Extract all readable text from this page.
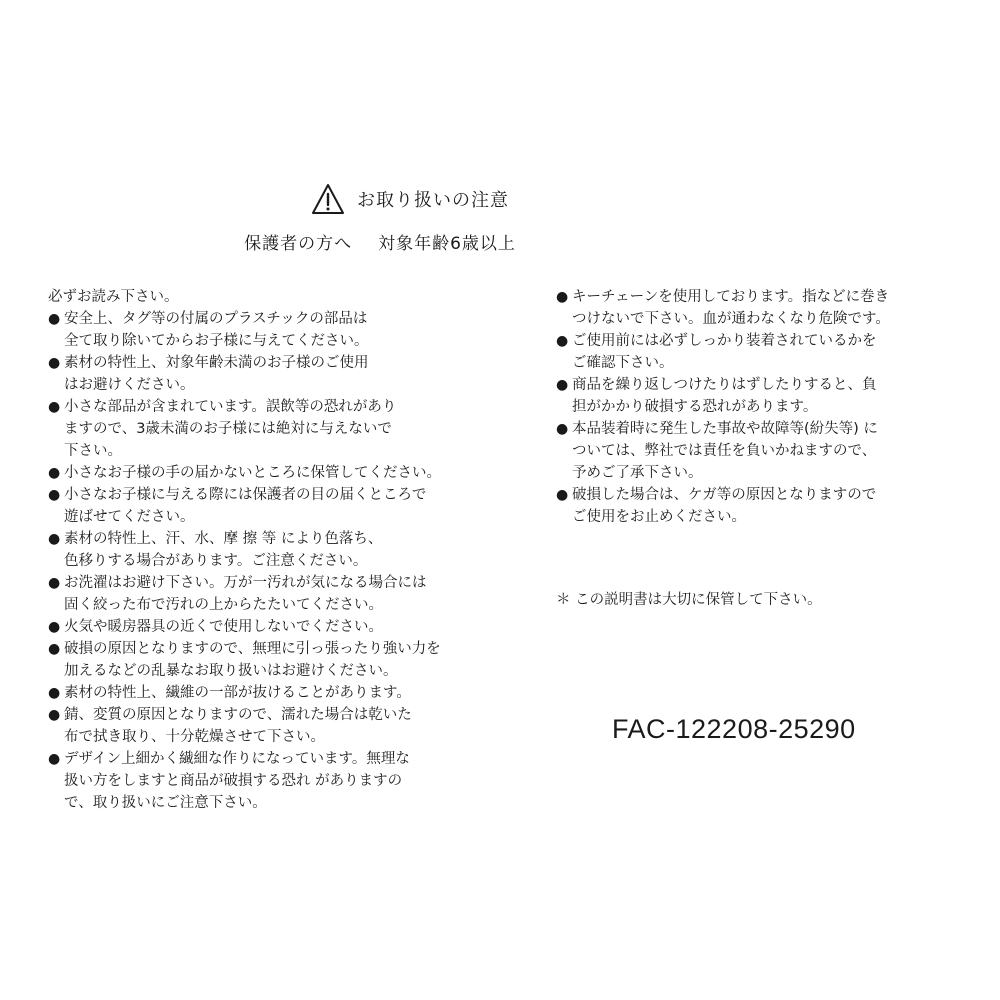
お取り扱いの注意
保護者の方へ 対象年齢6歳以上

必ずお読み下さい。

● 安全上、タグ等の付属のプラスチックの部品は
全て取り除いてからお子様に与えてください。

● 素材の特性上、対象年齢未満のお子様のご使用
はお避けください。

● 小さな部品が含まれています。誤飲等の恐れがあり
ますので、3歳未満のお子様には絶対に与えないで
下さい。

● 小さなお子様の手の届かないところに保管してください。

● 小さなお子様に与える際には保護者の目の届くところで
遊ばせてください。

● 素材の特性上、汗、水、摩 擦 等 により色落ち、
色移りする場合があります。ご注意ください。

● お洗濯はお避け下さい。万が一汚れが気になる場合には
固く絞った布で汚れの上からたたいてください。

● 火気や暖房器具の近くで使用しないでください。

● 破損の原因となりますので、無理に引っ張ったり強い力を
加えるなどの乱暴なお取り扱いはお避けください。

● 素材の特性上、繊維の一部が抜けることがあります。

● 錆、変質の原因となりますので、濡れた場合は乾いた
布で拭き取り、十分乾燥させて下さい。

● デザイン上細かく繊細な作りになっています。無理な
扱い方をしますと商品が破損する恐れ がありますの
で、取り扱いにご注意下さい。

● キーチェーンを使用しております。指などに巻き
つけないで下さい。血が通わなくなり危険です。

● ご使用前には必ずしっかり装着されているかを
ご確認下さい。

● 商品を繰り返しつけたりはずしたりすると、負
担がかかり破損する恐れがあります。

● 本品装着時に発生した事故や故障等(紛失等) に
ついては、弊社では責任を負いかねますので、
予めご了承下さい。

● 破損した場合は、ケガ等の原因となりますので
ご使用をお止めください。

＊ この説明書は大切に保管して下さい。
FAC-122208-25290
